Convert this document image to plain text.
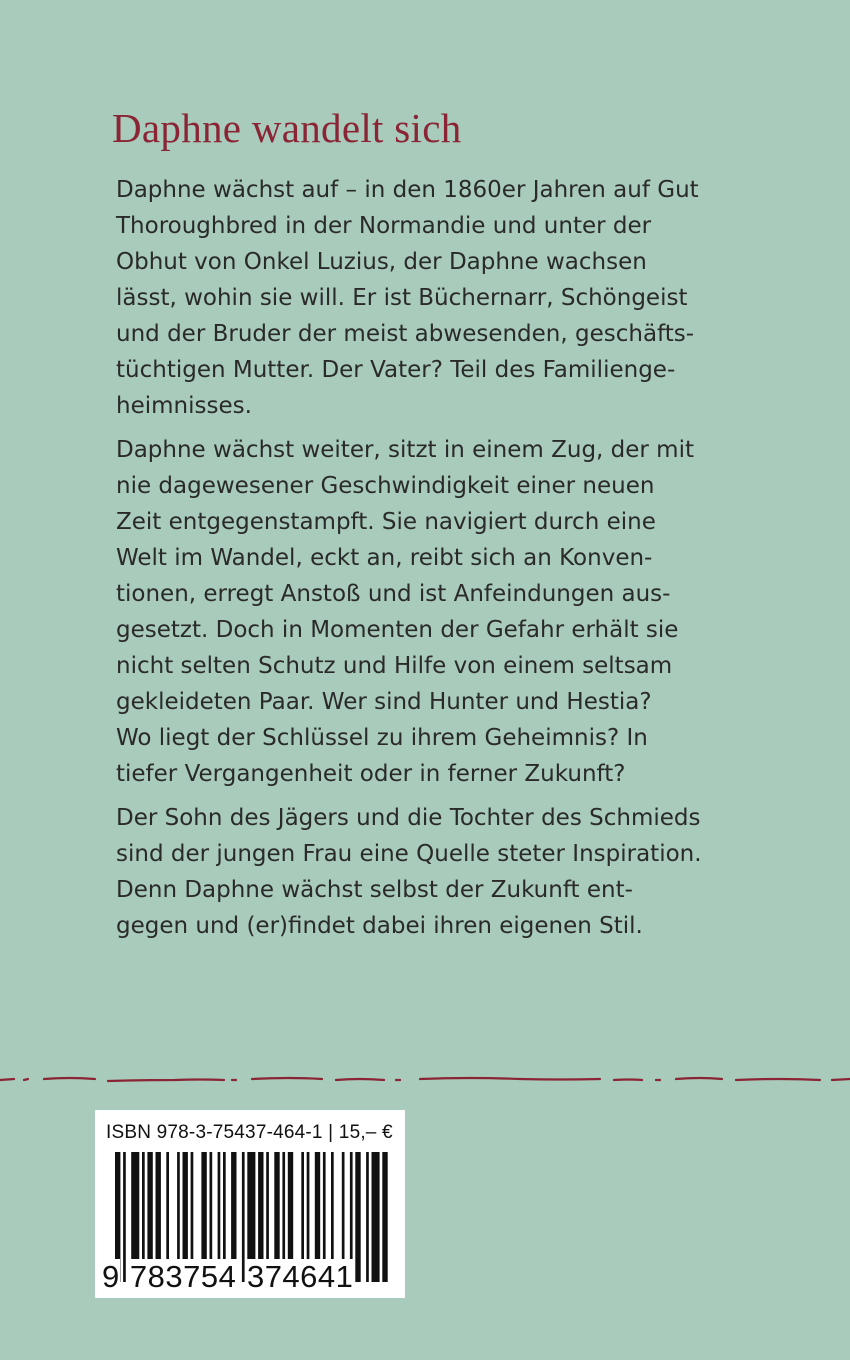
Daphne wandelt sich
Daphne wächst auf – in den 1860er Jahren auf Gut
Thoroughbred in der Normandie und unter der
Obhut von Onkel Luzius, der Daphne wachsen
lässt, wohin sie will. Er ist Büchernarr, Schöngeist
und der Bruder der meist abwesenden, geschäfts-
tüchtigen Mutter. Der Vater? Teil des Familienge-
heimnisses.
Daphne wächst weiter, sitzt in einem Zug, der mit
nie dagewesener Geschwindigkeit einer neuen
Zeit entgegenstampft. Sie navigiert durch eine
Welt im Wandel, eckt an, reibt sich an Konven-
tionen, erregt Anstoß und ist Anfeindungen aus-
gesetzt. Doch in Momenten der Gefahr erhält sie
nicht selten Schutz und Hilfe von einem seltsam
gekleideten Paar. Wer sind Hunter und Hestia?
Wo liegt der Schlüssel zu ihrem Geheimnis? In
tiefer Vergangenheit oder in ferner Zukunft?
Der Sohn des Jägers und die Tochter des Schmieds
sind der jungen Frau eine Quelle steter Inspiration.
Denn Daphne wächst selbst der Zukunft ent-
gegen und (er)findet dabei ihren eigenen Stil.
ISBN 978-3-75437-464-1 | 15,– €
9 783754 374641
